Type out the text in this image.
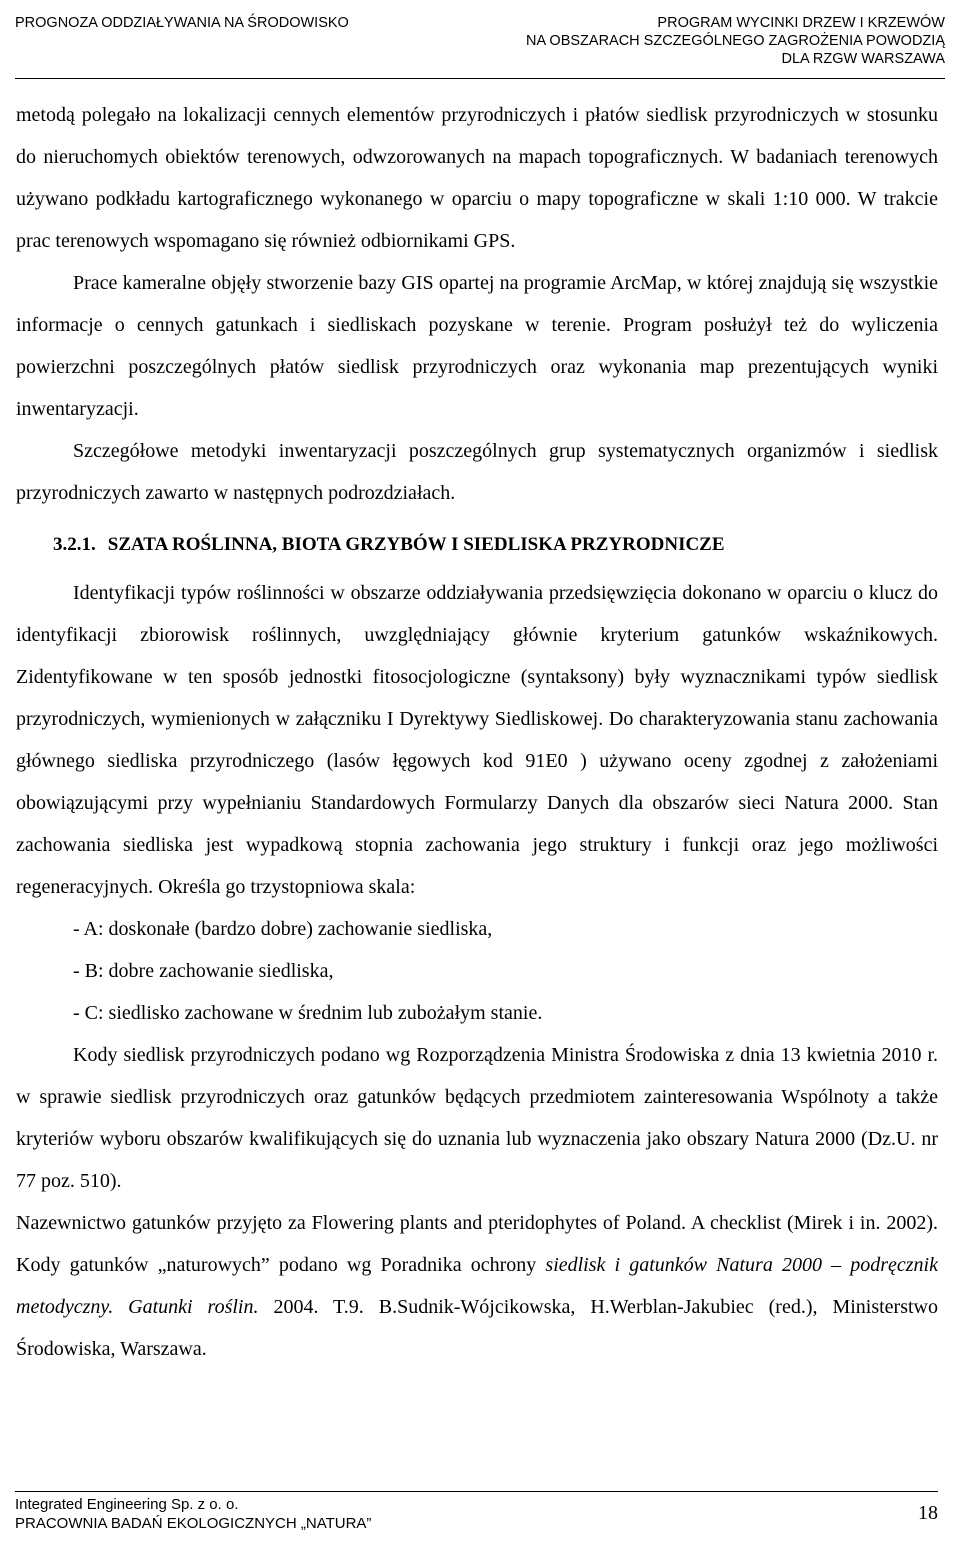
PROGNOZA ODDZIAŁYWANIA NA ŚRODOWISKO	PROGRAM WYCINKI DRZEW I KRZEWÓW
NA OBSZARACH SZCZEGÓLNEGO ZAGROŻENIA POWODZIĄ
DLA RZGW WARSZAWA

metodą polegało na lokalizacji cennych elementów przyrodniczych i płatów siedlisk przyrodniczych w stosunku do nieruchomych obiektów terenowych, odwzorowanych na mapach topograficznych. W badaniach terenowych używano podkładu kartograficznego wykonanego w oparciu o mapy topograficzne w skali 1:10 000. W trakcie prac terenowych wspomagano się również odbiornikami GPS.

Prace kameralne objęły stworzenie bazy GIS opartej na programie ArcMap, w której znajdują się wszystkie informacje o cennych gatunkach i siedliskach pozyskane w terenie. Program posłużył też do wyliczenia powierzchni poszczególnych płatów siedlisk przyrodniczych oraz wykonania map prezentujących wyniki inwentaryzacji.

Szczegółowe metodyki inwentaryzacji poszczególnych grup systematycznych organizmów i siedlisk przyrodniczych zawarto w następnych podrozdziałach.

3.2.1. SZATA ROŚLINNA, BIOTA GRZYBÓW I SIEDLISKA PRZYRODNICZE

Identyfikacji typów roślinności w obszarze oddziaływania przedsięwzięcia dokonano w oparciu o klucz do identyfikacji zbiorowisk roślinnych, uwzględniający głównie kryterium gatunków wskaźnikowych. Zidentyfikowane w ten sposób jednostki fitosocjologiczne (syntaksony) były wyznacznikami typów siedlisk przyrodniczych, wymienionych w załączniku I Dyrektywy Siedliskowej. Do charakteryzowania stanu zachowania głównego siedliska przyrodniczego (lasów łęgowych kod 91E0 ) używano oceny zgodnej z założeniami obowiązującymi przy wypełnianiu Standardowych Formularzy Danych dla obszarów sieci Natura 2000. Stan zachowania siedliska jest wypadkową stopnia zachowania jego struktury i funkcji oraz jego możliwości regeneracyjnych. Określa go trzystopniowa skala:

- A: doskonałe (bardzo dobre) zachowanie siedliska,

- B: dobre zachowanie siedliska,

- C: siedlisko zachowane w średnim lub zubożałym stanie.

Kody siedlisk przyrodniczych podano wg Rozporządzenia Ministra Środowiska z dnia 13 kwietnia 2010 r. w sprawie siedlisk przyrodniczych oraz gatunków będących przedmiotem zainteresowania Wspólnoty a także kryteriów wyboru obszarów kwalifikujących się do uznania lub wyznaczenia jako obszary Natura 2000 (Dz.U. nr 77 poz. 510).

Nazewnictwo gatunków przyjęto za Flowering plants and pteridophytes of Poland. A checklist (Mirek i in. 2002). Kody gatunków „naturowych” podano wg Poradnika ochrony siedlisk i gatunków Natura 2000 – podręcznik metodyczny. Gatunki roślin. 2004. T.9. B.Sudnik-Wójcikowska, H.Werblan-Jakubiec (red.), Ministerstwo Środowiska, Warszawa.

Integrated Engineering Sp. z o. o.
PRACOWNIA BADAŃ EKOLOGICZNYCH „NATURA”	18
